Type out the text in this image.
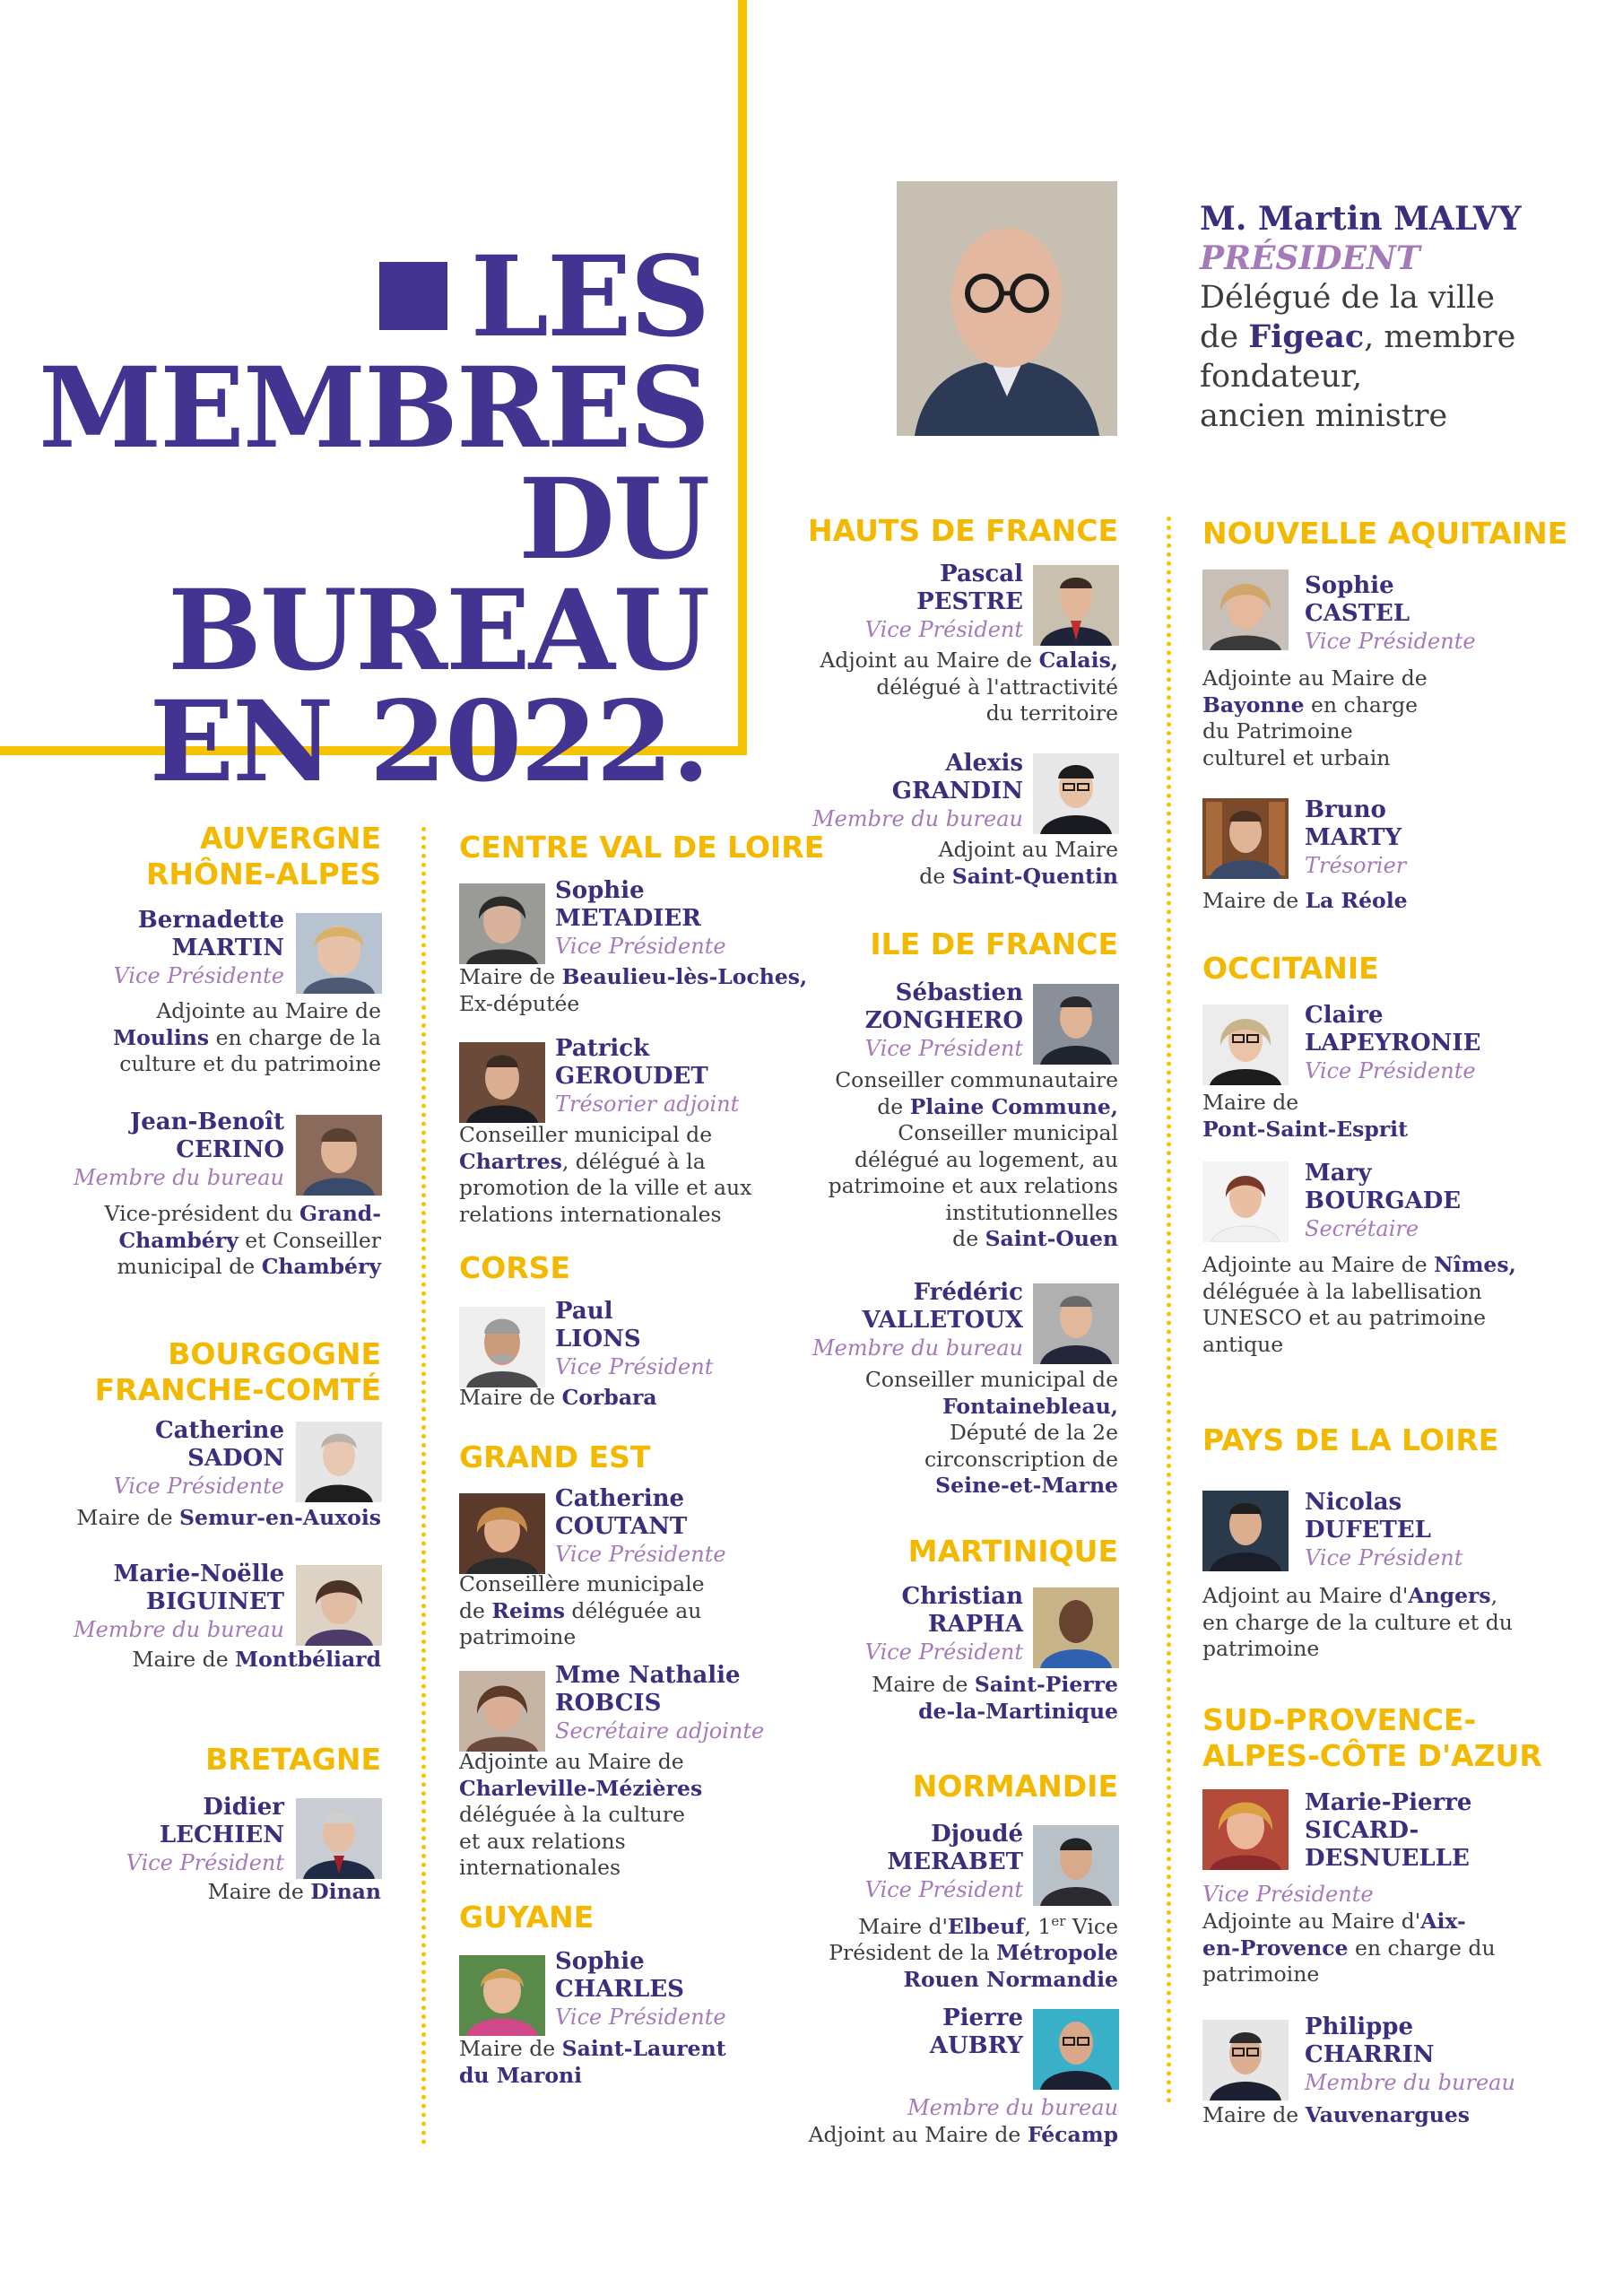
LES
MEMBRES
DU BUREAU
EN 2022.
M. Martin MALVY
PRÉSIDENT
Délégué de la ville
de Figeac, membre
fondateur,
ancien ministre
AUVERGNE
RHÔNE-ALPES
Bernadette
MARTIN
Vice Présidente
Adjointe au Maire de
Moulins en charge de la
culture et du patrimoine
Jean-Benoît
CERINO
Membre du bureau
Vice-président du Grand-
Chambéry et Conseiller
municipal de Chambéry
BOURGOGNE
FRANCHE-COMTÉ
Catherine
SADON
Vice Présidente
Maire de Semur-en-Auxois
Marie-Noëlle
BIGUINET
Membre du bureau
Maire de Montbéliard
BRETAGNE
Didier
LECHIEN
Vice Président
Maire de Dinan
CENTRE VAL DE LOIRE
Sophie
METADIER
Vice Présidente
Maire de Beaulieu-lès-Loches,
Ex-députée
Patrick
GEROUDET
Trésorier adjoint
Conseiller municipal de
Chartres, délégué à la
promotion de la ville et aux
relations internationales
CORSE
Paul
LIONS
Vice Président
Maire de Corbara
GRAND EST
Catherine
COUTANT
Vice Présidente
Conseillère municipale
de Reims déléguée au
patrimoine
Mme Nathalie
ROBCIS
Secrétaire adjointe
Adjointe au Maire de
Charleville-Mézières
déléguée à la culture
et aux relations
internationales
GUYANE
Sophie
CHARLES
Vice Présidente
Maire de Saint-Laurent
du Maroni
HAUTS DE FRANCE
Pascal
PESTRE
Vice Président
Adjoint au Maire de Calais,
délégué à l'attractivité
du territoire
Alexis
GRANDIN
Membre du bureau
Adjoint au Maire
de Saint-Quentin
ILE DE FRANCE
Sébastien
ZONGHERO
Vice Président
Conseiller communautaire
de Plaine Commune,
Conseiller municipal
délégué au logement, au
patrimoine et aux relations
institutionnelles
de Saint-Ouen
Frédéric
VALLETOUX
Membre du bureau
Conseiller municipal de
Fontainebleau,
Député de la 2e
circonscription de
Seine-et-Marne
MARTINIQUE
Christian
RAPHA
Vice Président
Maire de Saint-Pierre
de-la-Martinique
NORMANDIE
Djoudé
MERABET
Vice Président
Maire d'Elbeuf, 1er Vice
Président de la Métropole
Rouen Normandie
Pierre
AUBRY
Membre du bureau
Adjoint au Maire de Fécamp
NOUVELLE AQUITAINE
Sophie
CASTEL
Vice Présidente
Adjointe au Maire de
Bayonne en charge
du Patrimoine
culturel et urbain
Bruno
MARTY
Trésorier
Maire de La Réole
OCCITANIE
Claire
LAPEYRONIE
Vice Présidente
Maire de
Pont-Saint-Esprit
Mary
BOURGADE
Secrétaire
Adjointe au Maire de Nîmes,
déléguée à la labellisation
UNESCO et au patrimoine
antique
PAYS DE LA LOIRE
Nicolas
DUFETEL
Vice Président
Adjoint au Maire d'Angers,
en charge de la culture et du
patrimoine
SUD-PROVENCE-
ALPES-CÔTE D'AZUR
Marie-Pierre
SICARD-
DESNUELLE
Vice Présidente
Adjointe au Maire d'Aix-
en-Provence en charge du
patrimoine
Philippe
CHARRIN
Membre du bureau
Maire de Vauvenargues
